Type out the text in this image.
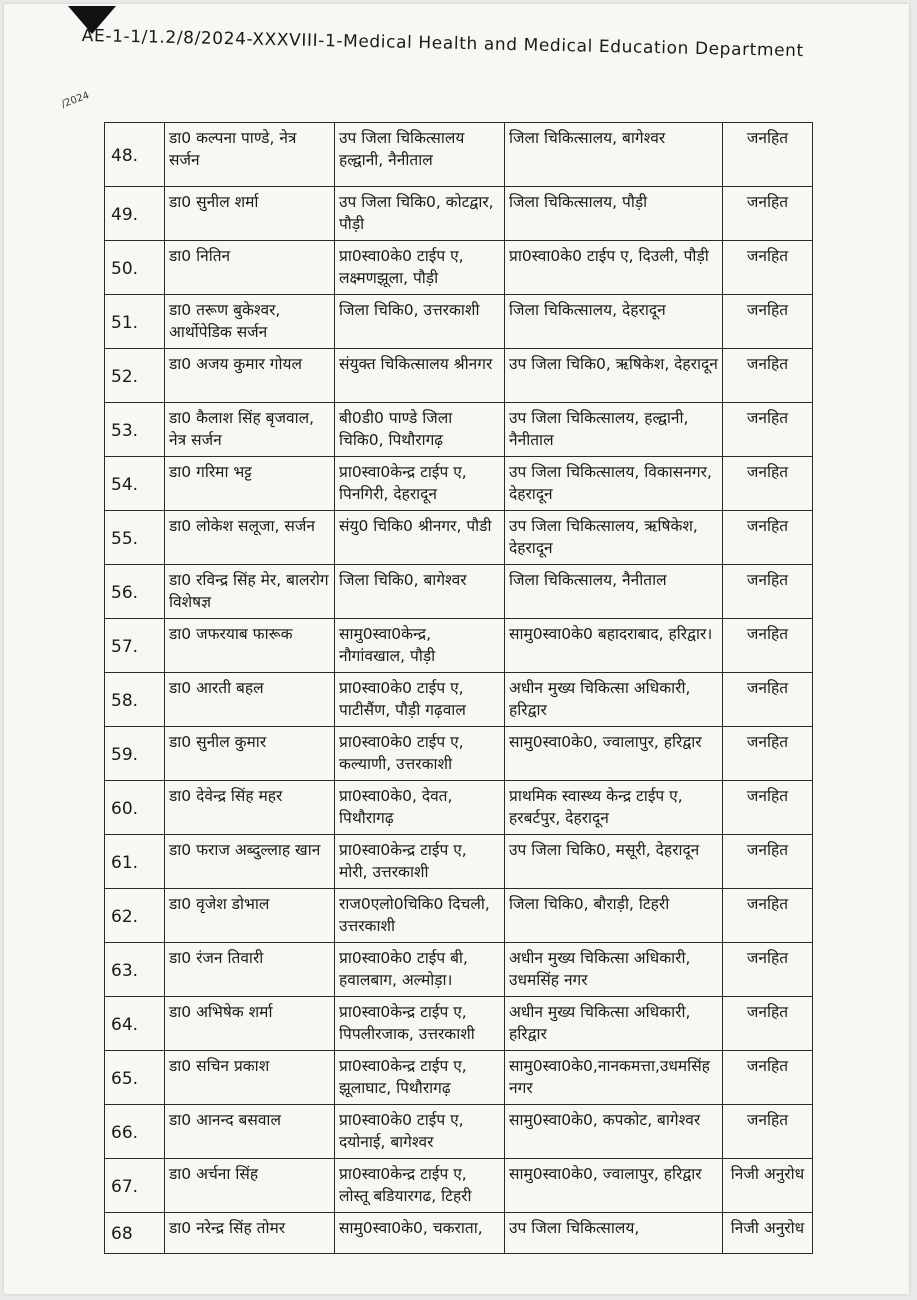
AE-1-1/1.2/8/2024-XXXVIII-1-Medical Health and Medical Education Department
/2024
48.	डा0 कल्पना पाण्डे, नेत्र सर्जन	उप जिला चिकित्सालय हल्द्वानी, नैनीताल	जिला चिकित्सालय, बागेश्वर	जनहित
49.	डा0 सुनील शर्मा	उप जिला चिकि0, कोटद्वार, पौड़ी	जिला चिकित्सालय, पौड़ी	जनहित
50.	डा0 नितिन	प्रा0स्वा0के0 टाईप ए, लक्ष्मणझूला, पौड़ी	प्रा0स्वा0के0 टाईप ए, दिउली, पौड़ी	जनहित
51.	डा0 तरूण बुकेश्वर, आर्थोपेडिक सर्जन	जिला चिकि0, उत्तरकाशी	जिला चिकित्सालय, देहरादून	जनहित
52.	डा0 अजय कुमार गोयल	संयुक्त चिकित्सालय श्रीनगर	उप जिला चिकि0, ऋषिकेश, देहरादून	जनहित
53.	डा0 कैलाश सिंह बृजवाल, नेत्र सर्जन	बी0डी0 पाण्डे जिला चिकि0, पिथौरागढ़	उप जिला चिकित्सालय, हल्द्वानी, नैनीताल	जनहित
54.	डा0 गरिमा भट्ट	प्रा0स्वा0केन्द्र टाईप ए, पिनगिरी, देहरादून	उप जिला चिकित्सालय, विकासनगर, देहरादून	जनहित
55.	डा0 लोकेश सलूजा, सर्जन	संयु0 चिकि0 श्रीनगर, पौडी	उप जिला चिकित्सालय, ऋषिकेश, देहरादून	जनहित
56.	डा0 रविन्द्र सिंह मेर, बालरोग विशेषज्ञ	जिला चिकि0, बागेश्वर	जिला चिकित्सालय, नैनीताल	जनहित
57.	डा0 जफरयाब फारूक	सामु0स्वा0केन्द्र, नौगांवखाल, पौड़ी	सामु0स्वा0के0 बहादराबाद, हरिद्वार।	जनहित
58.	डा0 आरती बहल	प्रा0स्वा0के0 टाईप ए, पाटीसैंण, पौड़ी गढ़वाल	अधीन मुख्य चिकित्सा अधिकारी, हरिद्वार	जनहित
59.	डा0 सुनील कुमार	प्रा0स्वा0के0 टाईप ए, कल्याणी, उत्तरकाशी	सामु0स्वा0के0, ज्वालापुर, हरिद्वार	जनहित
60.	डा0 देवेन्द्र सिंह महर	प्रा0स्वा0के0, देवत, पिथौरागढ़	प्राथमिक स्वास्थ्य केन्द्र टाईप ए, हरबर्टपुर, देहरादून	जनहित
61.	डा0 फराज अब्दुल्लाह खान	प्रा0स्वा0केन्द्र टाईप ए, मोरी, उत्तरकाशी	उप जिला चिकि0, मसूरी, देहरादून	जनहित
62.	डा0 वृजेश डोभाल	राज0एलो0चिकि0 दिचली, उत्तरकाशी	जिला चिकि0, बौराड़ी, टिहरी	जनहित
63.	डा0 रंजन तिवारी	प्रा0स्वा0के0 टाईप बी, हवालबाग, अल्मोड़ा।	अधीन मुख्य चिकित्सा अधिकारी, उधमसिंह नगर	जनहित
64.	डा0 अभिषेक शर्मा	प्रा0स्वा0केन्द्र टाईप ए, पिपलीरजाक, उत्तरकाशी	अधीन मुख्य चिकित्सा अधिकारी, हरिद्वार	जनहित
65.	डा0 सचिन प्रकाश	प्रा0स्वा0केन्द्र टाईप ए, झूलाघाट, पिथौरागढ़	सामु0स्वा0के0,नानकमत्ता,उधमसिंह नगर	जनहित
66.	डा0 आनन्द बसवाल	प्रा0स्वा0के0 टाईप ए, दयोनाई, बागेश्वर	सामु0स्वा0के0, कपकोट, बागेश्वर	जनहित
67.	डा0 अर्चना सिंह	प्रा0स्वा0केन्द्र टाईप ए, लोस्तू बडियारगढ, टिहरी	सामु0स्वा0के0, ज्वालापुर, हरिद्वार	निजी अनुरोध
68	डा0 नरेन्द्र सिंह तोमर	सामु0स्वा0के0, चकराता,	उप जिला चिकित्सालय,	निजी अनुरोध
